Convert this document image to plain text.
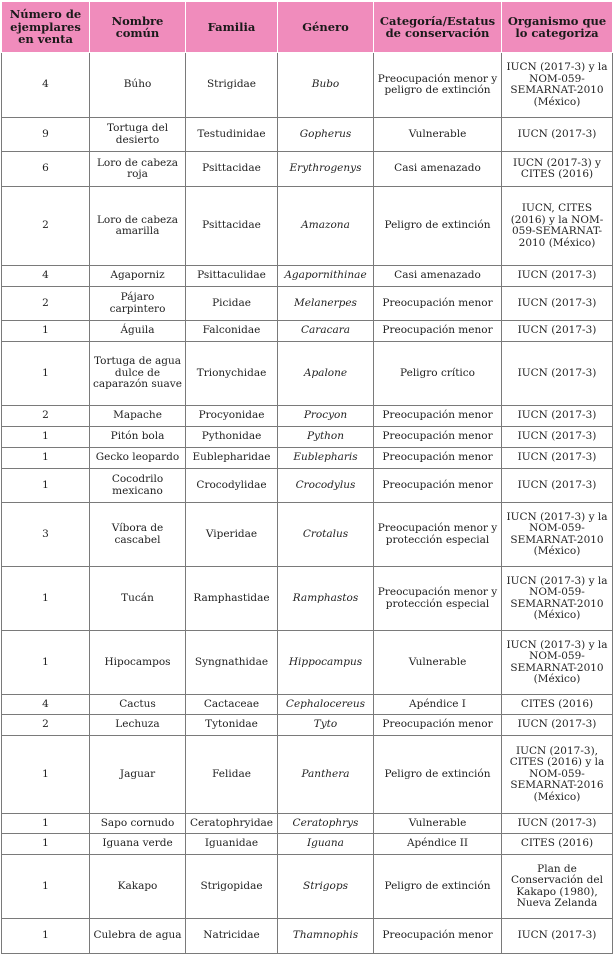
Número de ejemplares en venta	Nombre común	Familia	Género	Categoría/Estatus de conservación	Organismo que lo categoriza
4	Búho	Strigidae	Bubo	Preocupación menor y peligro de extinción	IUCN (2017-3) y la NOM-059-SEMARNAT-2010 (México)
9	Tortuga del desierto	Testudinidae	Gopherus	Vulnerable	IUCN (2017-3)
6	Loro de cabeza roja	Psittacidae	Erythrogenys	Casi amenazado	IUCN (2017-3) y CITES (2016)
2	Loro de cabeza amarilla	Psittacidae	Amazona	Peligro de extinción	IUCN, CITES (2016) y la NOM-059-SEMARNAT-2010 (México)
4	Agaporniz	Psittaculidae	Agapornithinae	Casi amenazado	IUCN (2017-3)
2	Pájaro carpintero	Picidae	Melanerpes	Preocupación menor	IUCN (2017-3)
1	Águila	Falconidae	Caracara	Preocupación menor	IUCN (2017-3)
1	Tortuga de agua dulce de caparazón suave	Trionychidae	Apalone	Peligro crítico	IUCN (2017-3)
2	Mapache	Procyonidae	Procyon	Preocupación menor	IUCN (2017-3)
1	Pitón bola	Pythonidae	Python	Preocupación menor	IUCN (2017-3)
1	Gecko leopardo	Eublepharidae	Eublepharis	Preocupación menor	IUCN (2017-3)
1	Cocodrilo mexicano	Crocodylidae	Crocodylus	Preocupación menor	IUCN (2017-3)
3	Víbora de cascabel	Viperidae	Crotalus	Preocupación menor y protección especial	IUCN (2017-3) y la NOM-059-SEMARNAT-2010 (México)
1	Tucán	Ramphastidae	Ramphastos	Preocupación menor y protección especial	IUCN (2017-3) y la NOM-059-SEMARNAT-2010 (México)
1	Hipocampos	Syngnathidae	Hippocampus	Vulnerable	IUCN (2017-3) y la NOM-059-SEMARNAT-2010 (México)
4	Cactus	Cactaceae	Cephalocereus	Apéndice I	CITES (2016)
2	Lechuza	Tytonidae	Tyto	Preocupación menor	IUCN (2017-3)
1	Jaguar	Felidae	Panthera	Peligro de extinción	IUCN (2017-3), CITES (2016) y la NOM-059-SEMARNAT-2016 (México)
1	Sapo cornudo	Ceratophryidae	Ceratophrys	Vulnerable	IUCN (2017-3)
1	Iguana verde	Iguanidae	Iguana	Apéndice II	CITES (2016)
1	Kakapo	Strigopidae	Strigops	Peligro de extinción	Plan de Conservación del Kakapo (1980), Nueva Zelanda
1	Culebra de agua	Natricidae	Thamnophis	Preocupación menor	IUCN (2017-3)
